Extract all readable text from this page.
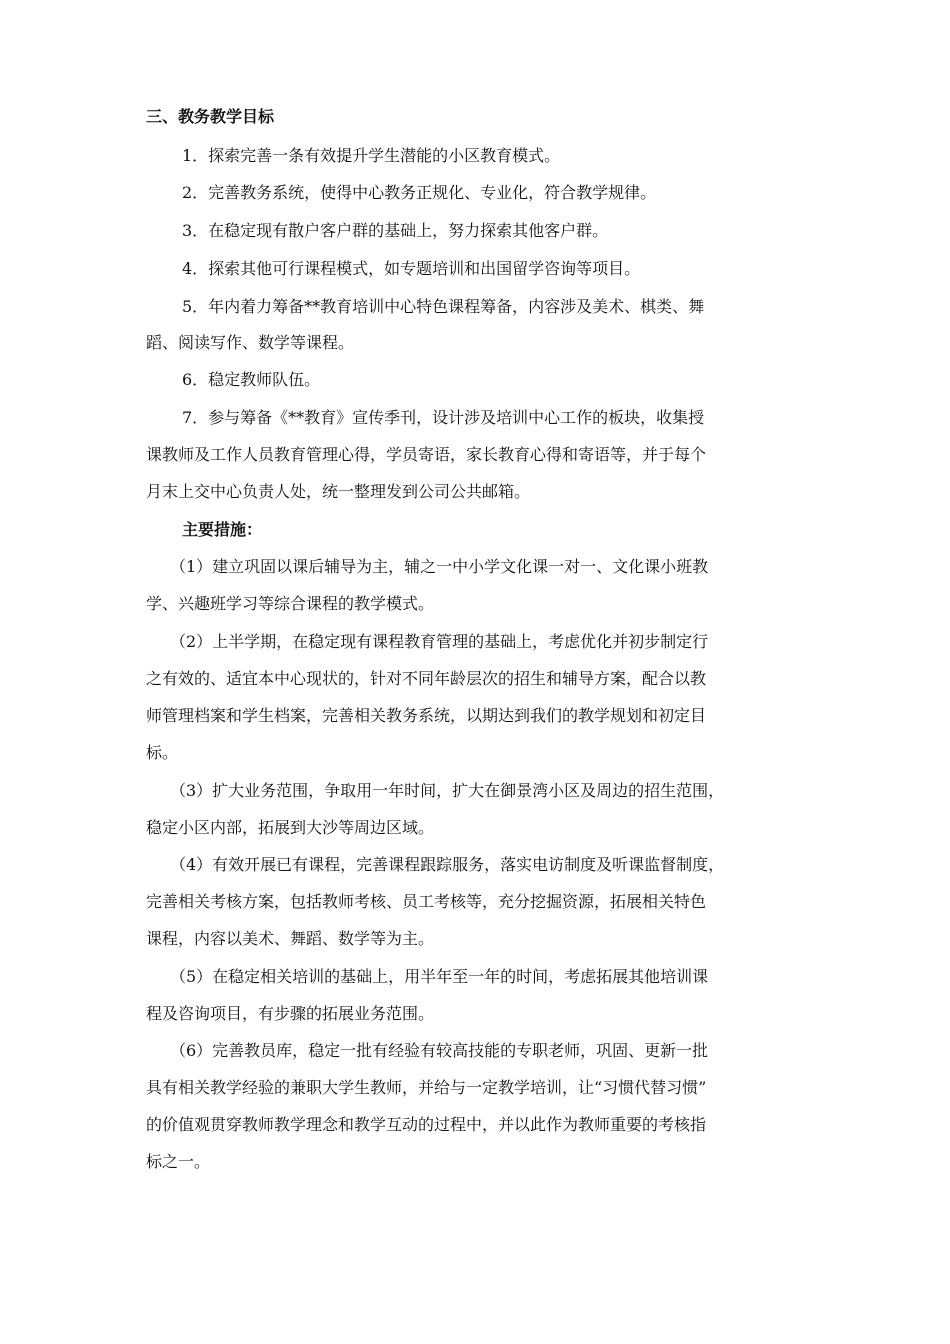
三、教务教学目标
1．探索完善一条有效提升学生潜能的小区教育模式。
2．完善教务系统，使得中心教务正规化、专业化，符合教学规律。
3．在稳定现有散户客户群的基础上，努力探索其他客户群。
4．探索其他可行课程模式，如专题培训和出国留学咨询等项目。
5．年内着力筹备**教育培训中心特色课程筹备，内容涉及美术、棋类、舞
蹈、阅读写作、数学等课程。
6．稳定教师队伍。
7．参与筹备《**教育》宣传季刊，设计涉及培训中心工作的板块，收集授
课教师及工作人员教育管理心得，学员寄语，家长教育心得和寄语等，并于每个
月末上交中心负责人处，统一整理发到公司公共邮箱。
主要措施：
（1）建立巩固以课后辅导为主，辅之一中小学文化课一对一、文化课小班教
学、兴趣班学习等综合课程的教学模式。
（2）上半学期，在稳定现有课程教育管理的基础上，考虑优化并初步制定行
之有效的、适宜本中心现状的，针对不同年龄层次的招生和辅导方案，配合以教
师管理档案和学生档案，完善相关教务系统，以期达到我们的教学规划和初定目
标。
（3）扩大业务范围，争取用一年时间，扩大在御景湾小区及周边的招生范围，
稳定小区内部，拓展到大沙等周边区域。
（4）有效开展已有课程，完善课程跟踪服务，落实电访制度及听课监督制度，
完善相关考核方案，包括教师考核、员工考核等，充分挖掘资源，拓展相关特色
课程，内容以美术、舞蹈、数学等为主。
（5）在稳定相关培训的基础上，用半年至一年的时间，考虑拓展其他培训课
程及咨询项目，有步骤的拓展业务范围。
（6）完善教员库，稳定一批有经验有较高技能的专职老师，巩固、更新一批
具有相关教学经验的兼职大学生教师，并给与一定教学培训，让“习惯代替习惯”
的价值观贯穿教师教学理念和教学互动的过程中，并以此作为教师重要的考核指
标之一。
